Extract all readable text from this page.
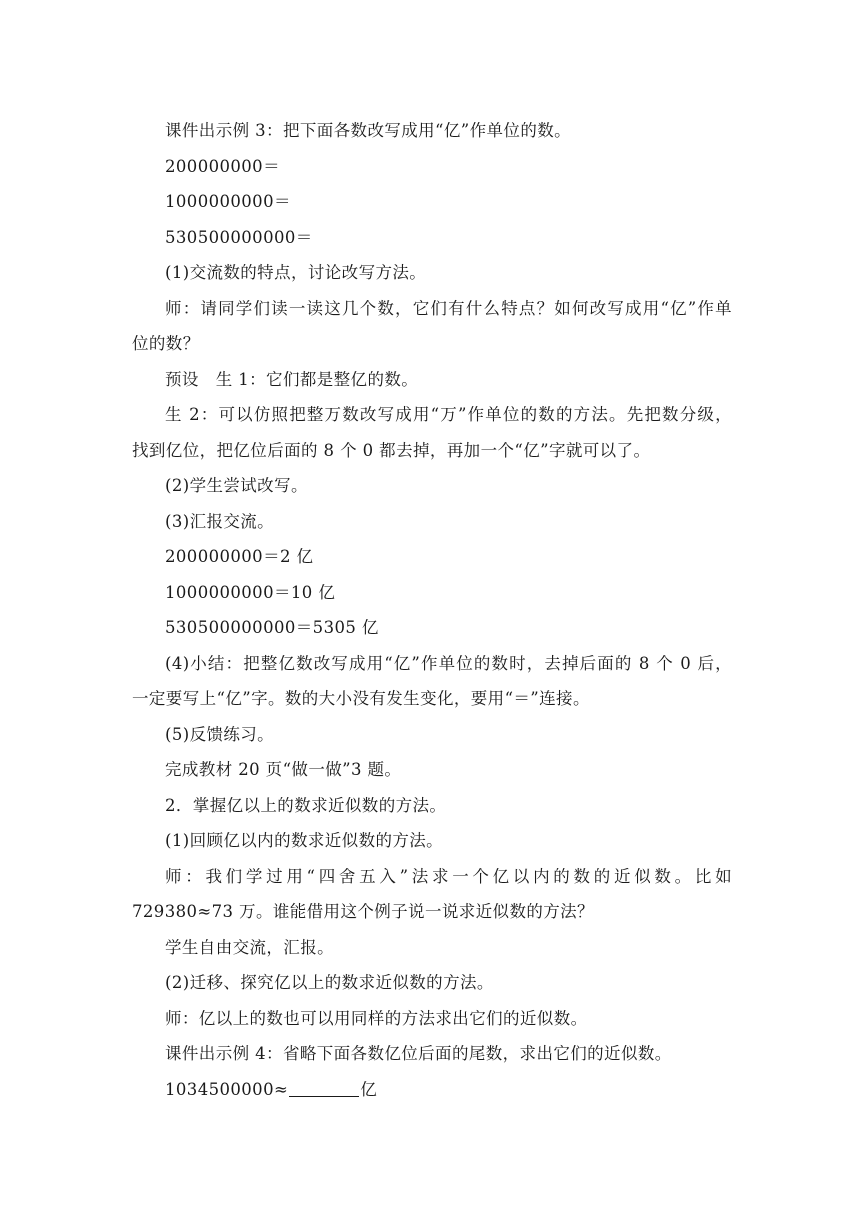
课件出示例 3：把下面各数改写成用“亿”作单位的数。
200000000＝
1000000000＝
530500000000＝
(1)交流数的特点，讨论改写方法。
师：请同学们读一读这几个数，它们有什么特点？如何改写成用“亿”作单
位的数？
预设　生 1：它们都是整亿的数。
生 2：可以仿照把整万数改写成用“万”作单位的数的方法。先把数分级，
找到亿位，把亿位后面的 8 个 0 都去掉，再加一个“亿”字就可以了。
(2)学生尝试改写。
(3)汇报交流。
200000000＝2 亿
1000000000＝10 亿
530500000000＝5305 亿
(4)小结：把整亿数改写成用“亿”作单位的数时，去掉后面的 8 个 0 后，
一定要写上“亿”字。数的大小没有发生变化，要用“＝”连接。
(5)反馈练习。
完成教材 20 页“做一做”3 题。
2．掌握亿以上的数求近似数的方法。
(1)回顾亿以内的数求近似数的方法。
师：我们学过用“四舍五入”法求一个亿以内的数的近似数。比如
729380≈73 万。谁能借用这个例子说一说求近似数的方法？
学生自由交流，汇报。
(2)迁移、探究亿以上的数求近似数的方法。
师：亿以上的数也可以用同样的方法求出它们的近似数。
课件出示例 4：省略下面各数亿位后面的尾数，求出它们的近似数。
1034500000≈	亿
